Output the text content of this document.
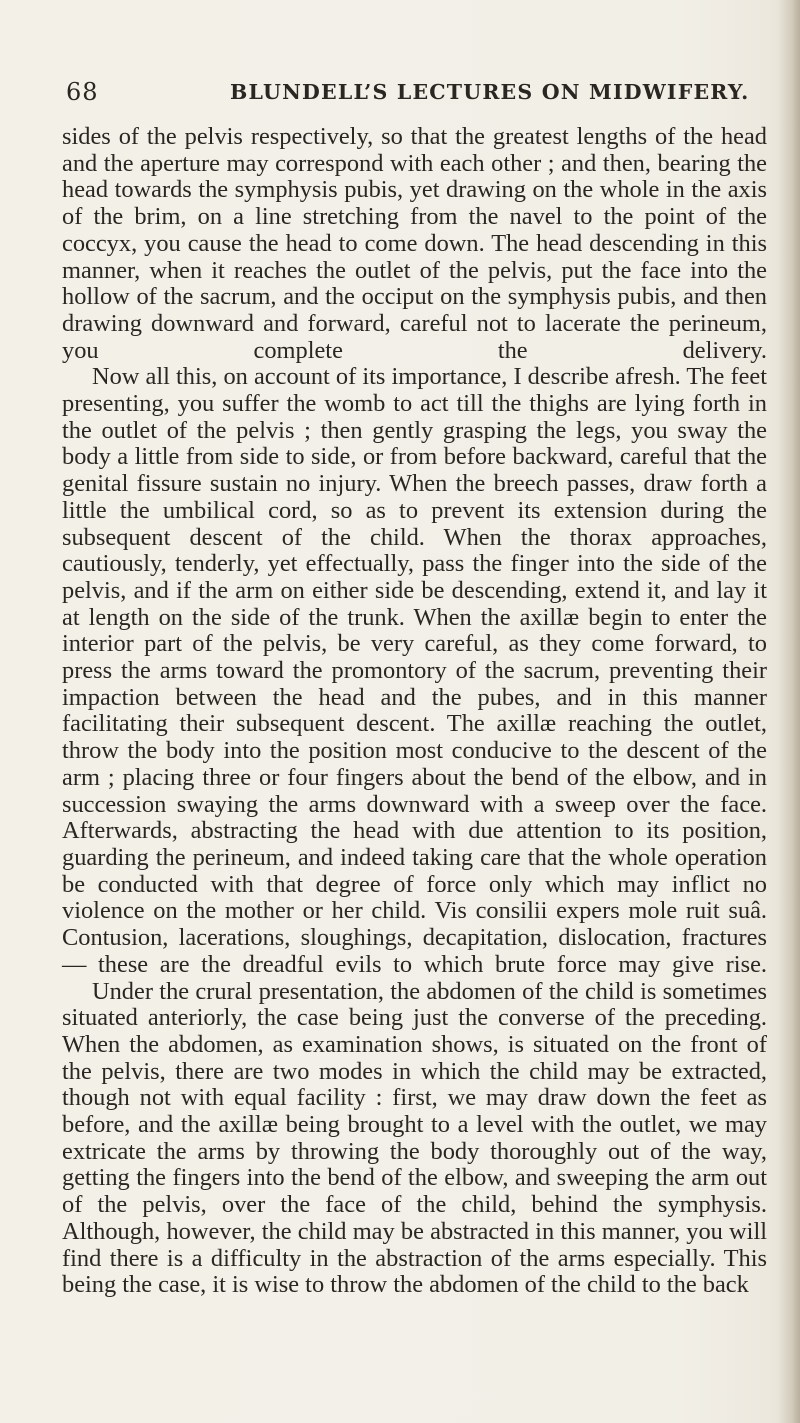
68	BLUNDELL’S LECTURES ON MIDWIFERY.

sides of the pelvis respectively, so that the greatest lengths of the head and the aperture may correspond with each other ; and then, bearing the head towards the symphysis pubis, yet drawing on the whole in the axis of the brim, on a line stretching from the navel to the point of the coccyx, you cause the head to come down. The head descending in this manner, when it reaches the outlet of the pelvis, put the face into the hollow of the sacrum, and the occiput on the symphysis pubis, and then drawing downward and forward, careful not to lacerate the perineum, you complete the delivery.

Now all this, on account of its importance, I describe afresh. The feet presenting, you suffer the womb to act till the thighs are lying forth in the outlet of the pelvis ; then gently grasping the legs, you sway the body a little from side to side, or from before backward, careful that the genital fissure sustain no injury. When the breech passes, draw forth a little the umbilical cord, so as to prevent its extension during the subsequent descent of the child. When the thorax approaches, cautiously, tenderly, yet effectually, pass the finger into the side of the pelvis, and if the arm on either side be descending, extend it, and lay it at length on the side of the trunk. When the axillæ begin to enter the interior part of the pelvis, be very careful, as they come forward, to press the arms toward the promontory of the sacrum, preventing their impaction between the head and the pubes, and in this manner facilitating their subsequent descent. The axillæ reaching the outlet, throw the body into the position most conducive to the descent of the arm ; placing three or four fingers about the bend of the elbow, and in succession swaying the arms downward with a sweep over the face. Afterwards, abstracting the head with due attention to its position, guarding the perineum, and indeed taking care that the whole operation be conducted with that degree of force only which may inflict no violence on the mother or her child. Vis consilii expers mole ruit suâ. Contusion, lacerations, sloughings, decapitation, dislocation, fractures — these are the dreadful evils to which brute force may give rise.

Under the crural presentation, the abdomen of the child is sometimes situated anteriorly, the case being just the converse of the preceding. When the abdomen, as examination shows, is situated on the front of the pelvis, there are two modes in which the child may be extracted, though not with equal facility : first, we may draw down the feet as before, and the axillæ being brought to a level with the outlet, we may extricate the arms by throwing the body thoroughly out of the way, getting the fingers into the bend of the elbow, and sweeping the arm out of the pelvis, over the face of the child, behind the symphysis. Although, however, the child may be abstracted in this manner, you will find there is a difficulty in the abstraction of the arms especially. This being the case, it is wise to throw the abdomen of the child to the back
